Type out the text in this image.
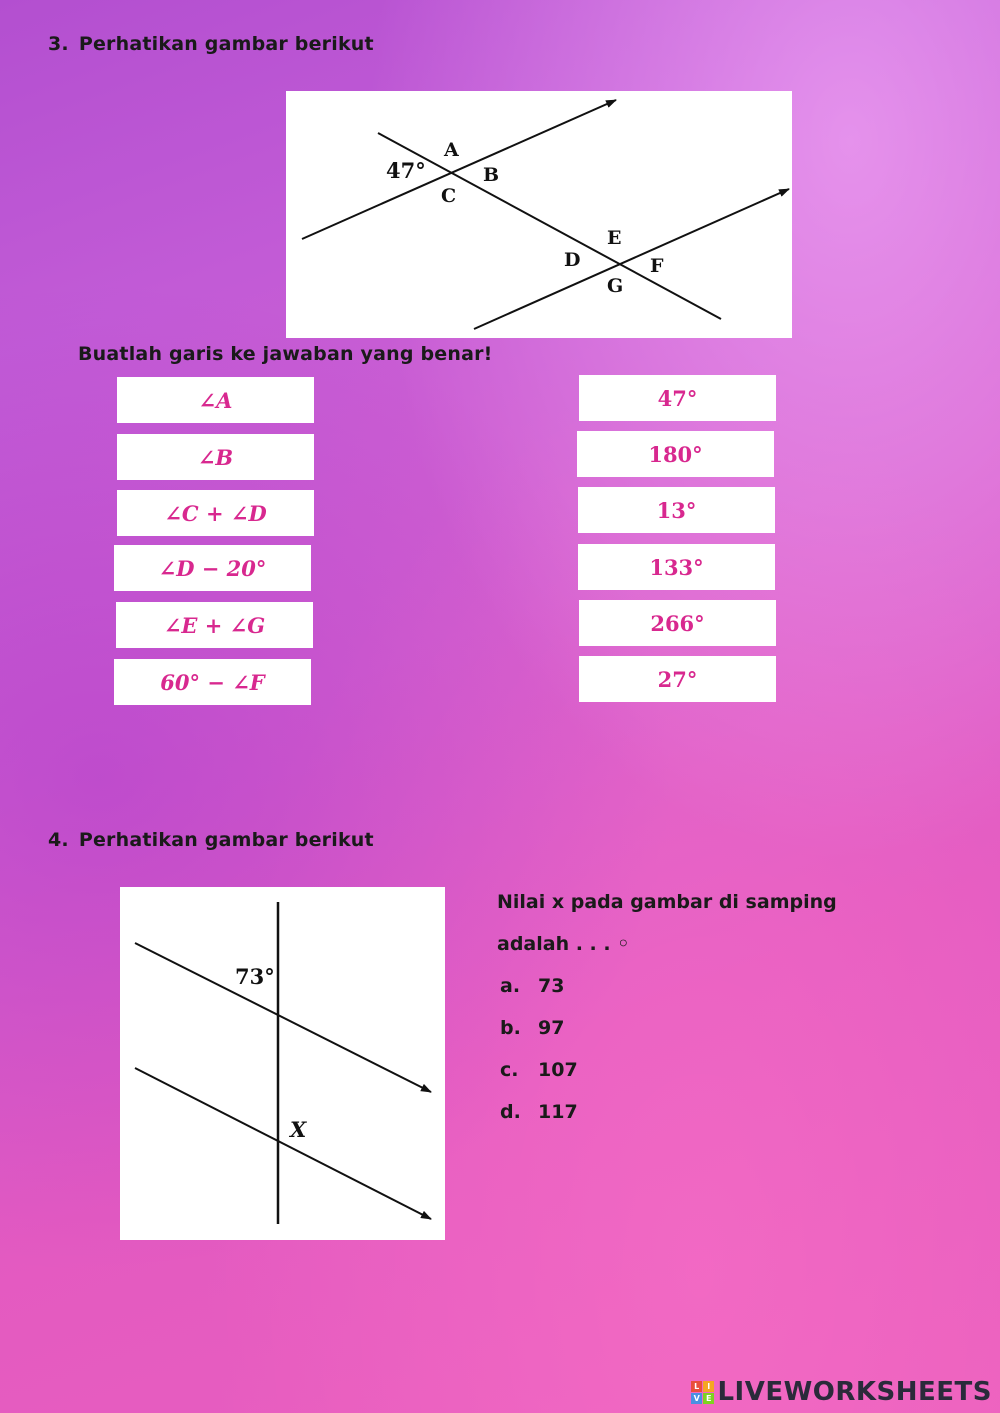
3. Perhatikan gambar berikut
47°
A
B
C
D
E
F
G
Buatlah garis ke jawaban yang benar!
∠A
∠B
∠C + ∠D
∠D − 20°
∠E + ∠G
60° − ∠F
47°
180°
13°
133°
266°
27°
4. Perhatikan gambar berikut
73°
X
Nilai x pada gambar di samping
adalah . . . ◦
a. 73
b. 97
c.	107
d. 117
L I
V E LIVEWORKSHEETS
